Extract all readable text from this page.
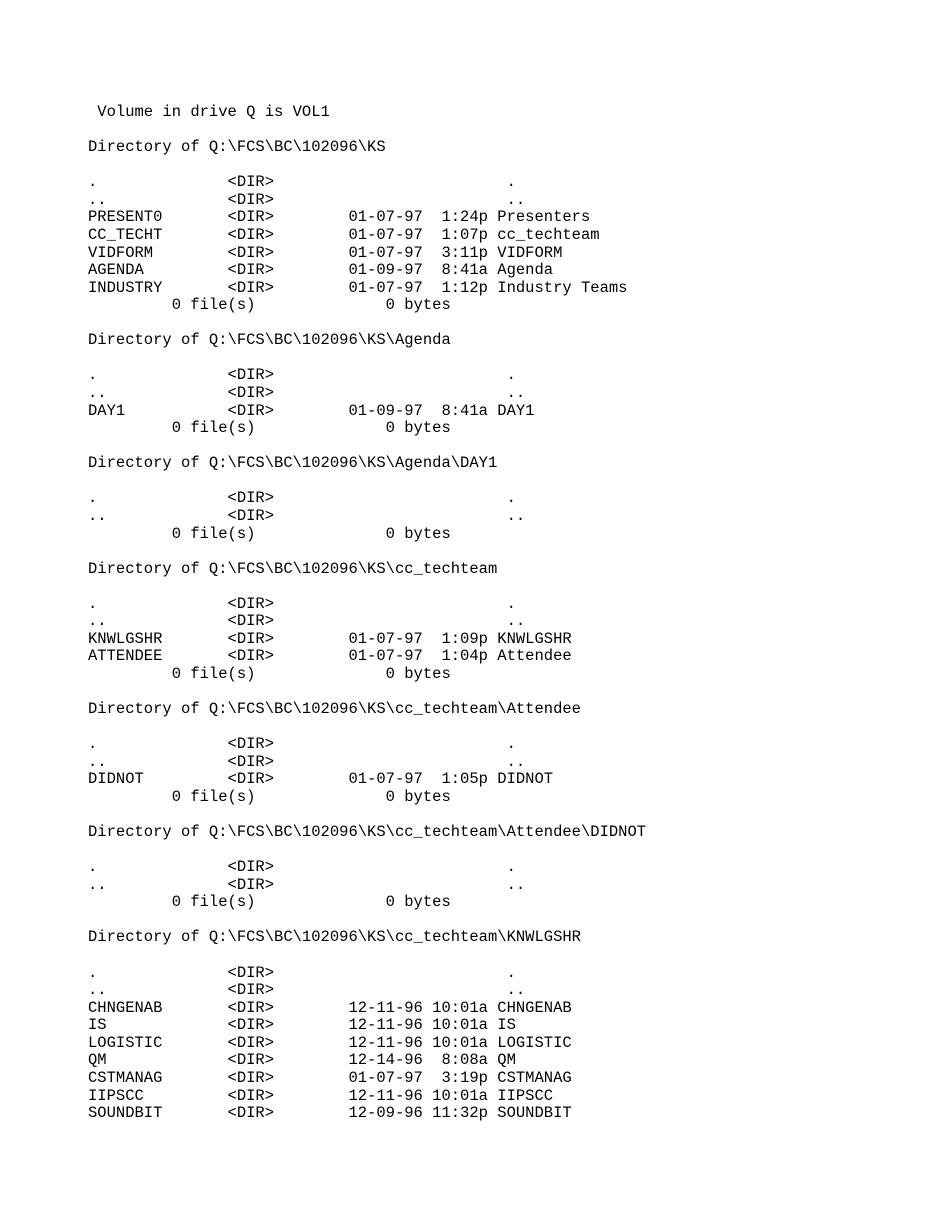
Volume in drive Q is VOL1
Directory of Q:\FCS\BC\102096\KS
.              <DIR>                         .
..             <DIR>                         ..
PRESENT0       <DIR>        01-07-97  1:24p Presenters
CC_TECHT       <DIR>        01-07-97  1:07p cc_techteam
VIDFORM        <DIR>        01-07-97  3:11p VIDFORM
AGENDA         <DIR>        01-09-97  8:41a Agenda
INDUSTRY       <DIR>        01-07-97  1:12p Industry Teams
0 file(s)              0 bytes
Directory of Q:\FCS\BC\102096\KS\Agenda
.              <DIR>                         .
..             <DIR>                         ..
DAY1           <DIR>        01-09-97  8:41a DAY1
0 file(s)              0 bytes
Directory of Q:\FCS\BC\102096\KS\Agenda\DAY1
.              <DIR>                         .
..             <DIR>                         ..
0 file(s)              0 bytes
Directory of Q:\FCS\BC\102096\KS\cc_techteam
.              <DIR>                         .
..             <DIR>                         ..
KNWLGSHR       <DIR>        01-07-97  1:09p KNWLGSHR
ATTENDEE       <DIR>        01-07-97  1:04p Attendee
0 file(s)              0 bytes
Directory of Q:\FCS\BC\102096\KS\cc_techteam\Attendee
.              <DIR>                         .
..             <DIR>                         ..
DIDNOT         <DIR>        01-07-97  1:05p DIDNOT
0 file(s)              0 bytes
Directory of Q:\FCS\BC\102096\KS\cc_techteam\Attendee\DIDNOT
.              <DIR>                         .
..             <DIR>                         ..
0 file(s)              0 bytes
Directory of Q:\FCS\BC\102096\KS\cc_techteam\KNWLGSHR
.              <DIR>                         .
..             <DIR>                         ..
CHNGENAB       <DIR>        12-11-96 10:01a CHNGENAB
IS             <DIR>        12-11-96 10:01a IS
LOGISTIC       <DIR>        12-11-96 10:01a LOGISTIC
QM             <DIR>        12-14-96  8:08a QM
CSTMANAG       <DIR>        01-07-97  3:19p CSTMANAG
IIPSCC         <DIR>        12-11-96 10:01a IIPSCC
SOUNDBIT       <DIR>        12-09-96 11:32p SOUNDBIT
